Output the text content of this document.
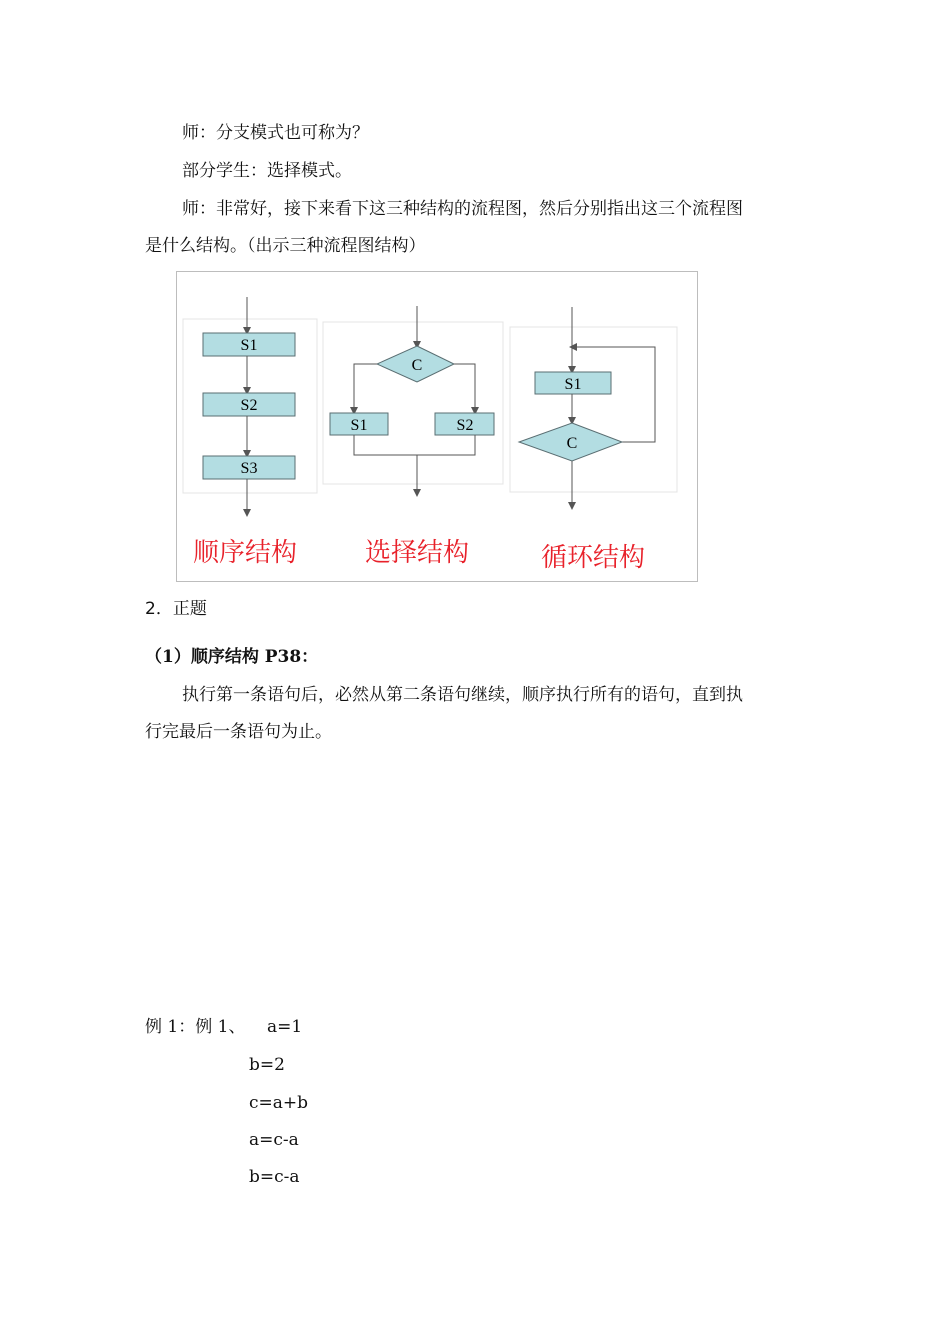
师：分支模式也可称为？
部分学生：选择模式。
师：非常好，接下来看下这三种结构的流程图，然后分别指出这三个流程图
是什么结构。（出示三种流程图结构）
S1
S2
S3
顺序结构
C
S1	S2
选择结构
S1
C
循环结构
2．正题
（1）顺序结构 P38：
执行第一条语句后，必然从第二条语句继续，顺序执行所有的语句，直到执
行完最后一条语句为止。
例 1：例 1、 a=1
b=2
c=a+b
a=c-a
b=c-a
